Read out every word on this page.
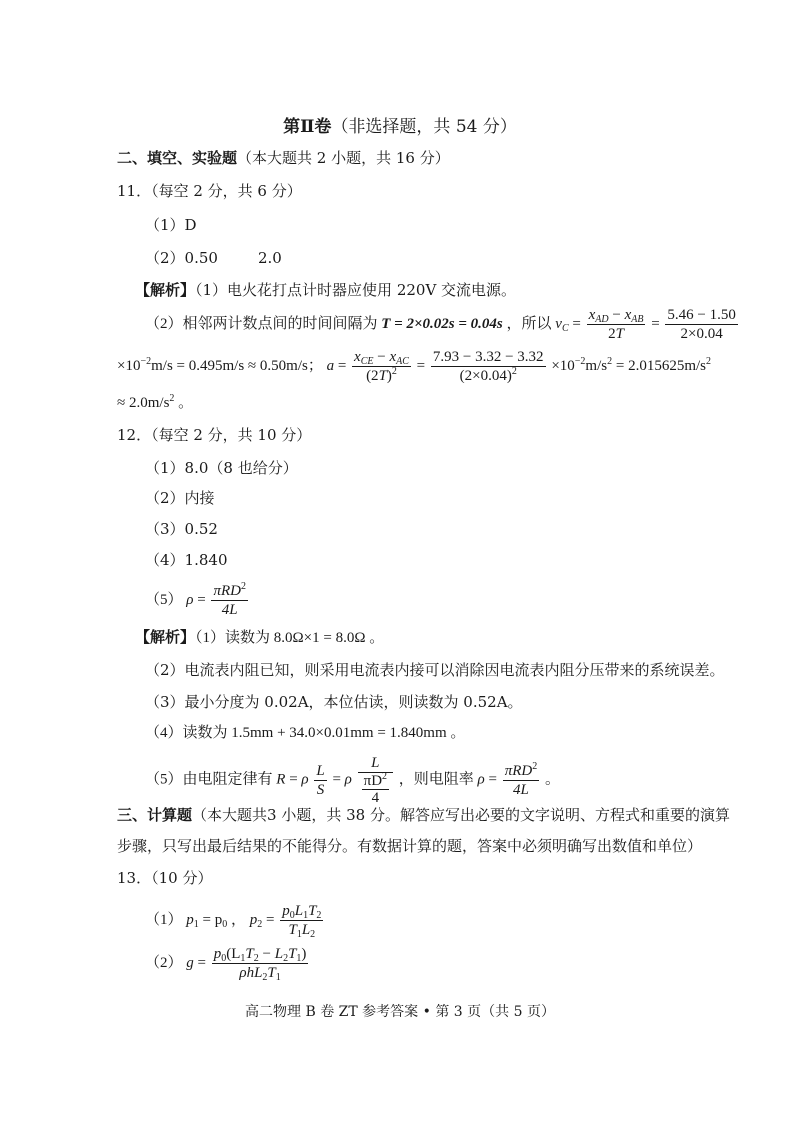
第Ⅱ卷（非选择题，共 54 分）
二、填空、实验题（本大题共 2 小题，共 16 分）
11．（每空 2 分，共 6 分）
（1）D
（2）0.50	2.0
【解析】（1）电火花打点计时器应使用 220V 交流电源。
（2）相邻两计数点间的时间间隔为 T = 2×0.02s = 0.04s ，所以 $v_C = \frac{x_{AD} - x_{AB}}{2T} = \frac{5.46 - 1.50}{2\times 0.04}$
$\times 10^{-2}m/s = 0.495m/s \approx 0.50m/s$； $a = \frac{x_{CE} - x_{AC}}{(2T)^2} = \frac{7.93 - 3.32 - 3.32}{(2\times 0.04)^2} \times 10^{-2}m/s^2 = 2.015625m/s^2$
≈ $2.0m/s^2$ 。
12．（每空 2 分，共 10 分）
（1）8.0（8 也给分）
（2）内接
（3）0.52
（4）1.840
（5） $\rho = \frac{\pi RD^2}{4L}$
【解析】（1）读数为 8.0Ω×1 = 8.0Ω 。
（2）电流表内阻已知，则采用电流表内接可以消除因电流表内阻分压带来的系统误差。
（3）最小分度为 0.02A，本位估读，则读数为 0.52A。
（4）读数为 1.5mm + 34.0×0.01mm = 1.840mm 。
（5）由电阻定律有 R = ρ $\frac{L}{S} = \rho \frac{L}{\frac{\pi D^2}{4}}$ ，则电阻率 $\rho = \frac{\pi RD^2}{4L}$ 。
三、计算题（本大题共3 小题，共 38 分。解答应写出必要的文字说明、方程式和重要的演算
步骤，只写出最后结果的不能得分。有数据计算的题，答案中必须明确写出数值和单位）
13．（10 分）
（1） $p_1 = p_0$ ， $p_2 = \frac{p_0L_1T_2}{T_1L_2}$
（2） $g = \frac{p_0(L_1T_2 - L_2T_1)}{\rho hL_2T_1}$
高二物理 B 卷 ZT 参考答案 • 第 3 页（共 5 页）
